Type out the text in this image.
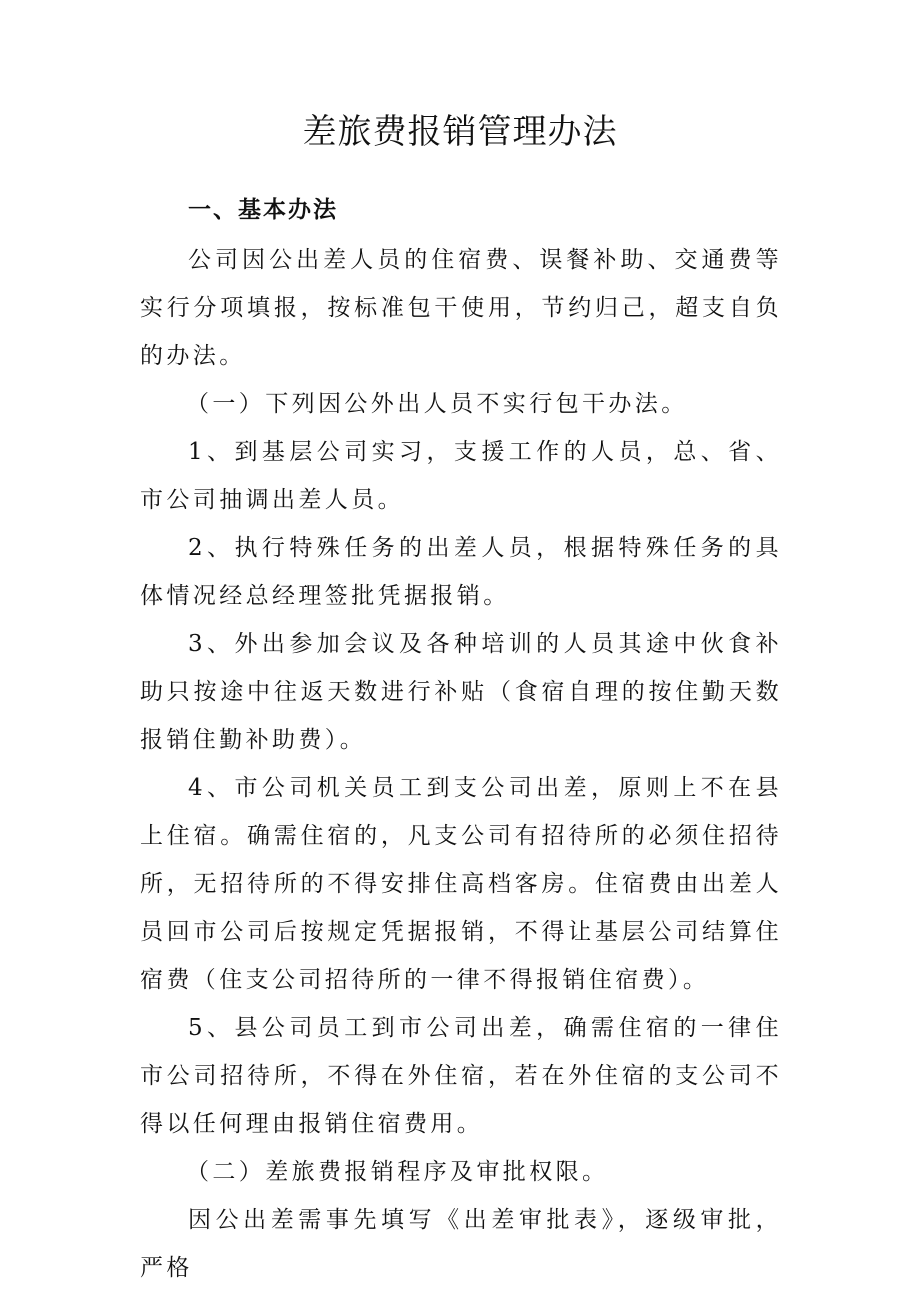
差旅费报销管理办法
一、基本办法

公司因公出差人员的住宿费、误餐补助、交通费等实行分项填报，按标准包干使用，节约归己，超支自负的办法。

（一）下列因公外出人员不实行包干办法。

1、到基层公司实习，支援工作的人员，总、省、市公司抽调出差人员。

2、执行特殊任务的出差人员，根据特殊任务的具体情况经总经理签批凭据报销。

3、外出参加会议及各种培训的人员其途中伙食补助只按途中往返天数进行补贴（食宿自理的按住勤天数报销住勤补助费）。

4、市公司机关员工到支公司出差，原则上不在县上住宿。确需住宿的，凡支公司有招待所的必须住招待所，无招待所的不得安排住高档客房。住宿费由出差人员回市公司后按规定凭据报销，不得让基层公司结算住宿费（住支公司招待所的一律不得报销住宿费）。

5、县公司员工到市公司出差，确需住宿的一律住市公司招待所，不得在外住宿，若在外住宿的支公司不得以任何理由报销住宿费用。

（二）差旅费报销程序及审批权限。

因公出差需事先填写《出差审批表》，逐级审批，严格
